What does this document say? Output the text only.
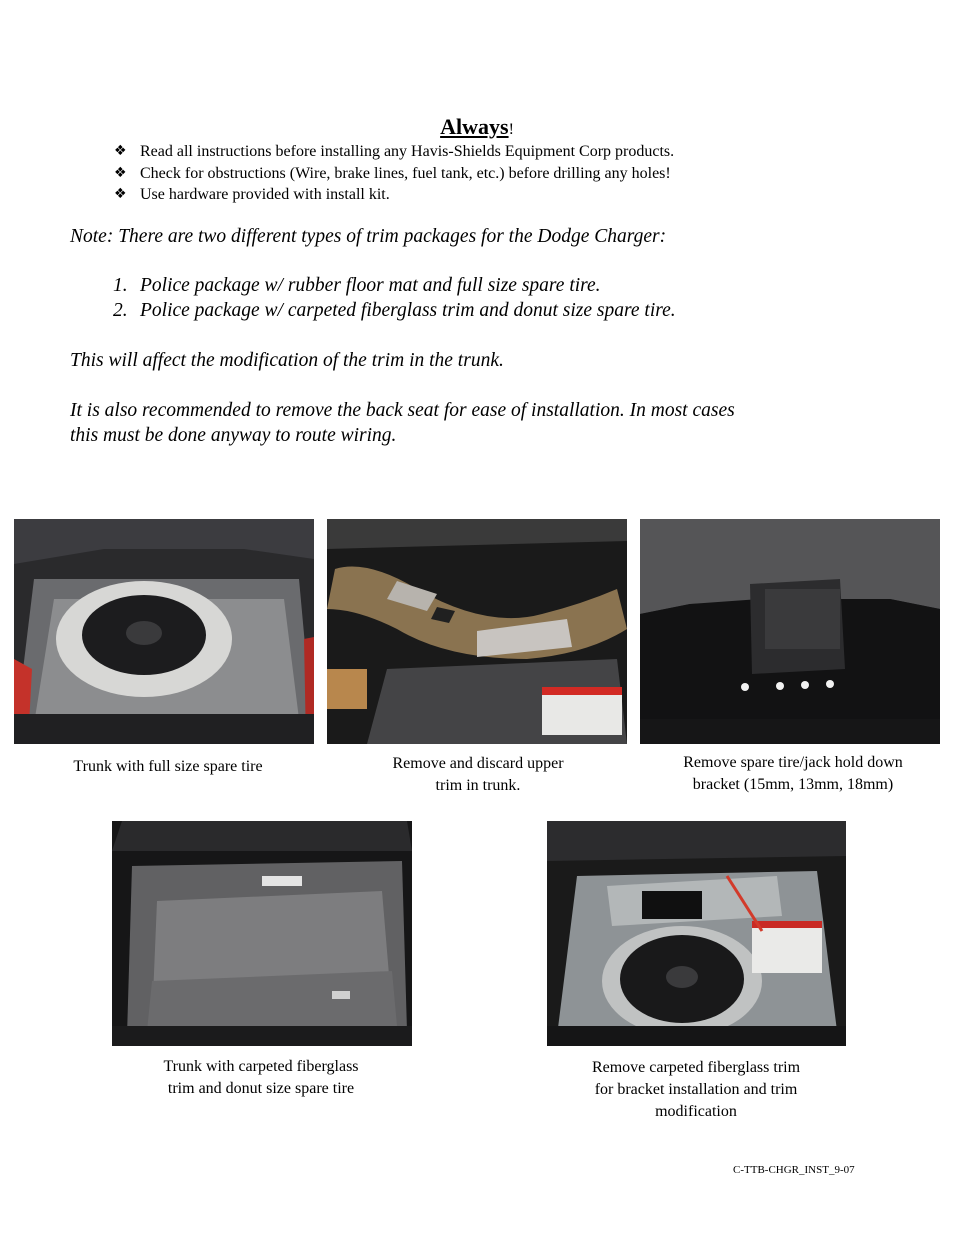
Always!
❖ Read all instructions before installing any Havis-Shields Equipment Corp products.
❖ Check for obstructions (Wire, brake lines, fuel tank, etc.) before drilling any holes!
❖ Use hardware provided with install kit.

Note: There are two different types of trim packages for the Dodge Charger:

1. Police package w/ rubber floor mat and full size spare tire.
2. Police package w/ carpeted fiberglass trim and donut size spare tire.

This will affect the modification of the trim in the trunk.

It is also recommended to remove the back seat for ease of installation. In most cases

this must be done anyway to route wiring.

Trunk with full size spare tire	Remove and discard upper
trim in trunk.
Remove spare tire/jack hold down
bracket (15mm, 13mm, 18mm)
Trunk with carpeted fiberglass
trim and donut size spare tire
Remove carpeted fiberglass trim
for bracket installation and trim
modification
C-TTB-CHGR_INST_9-07
